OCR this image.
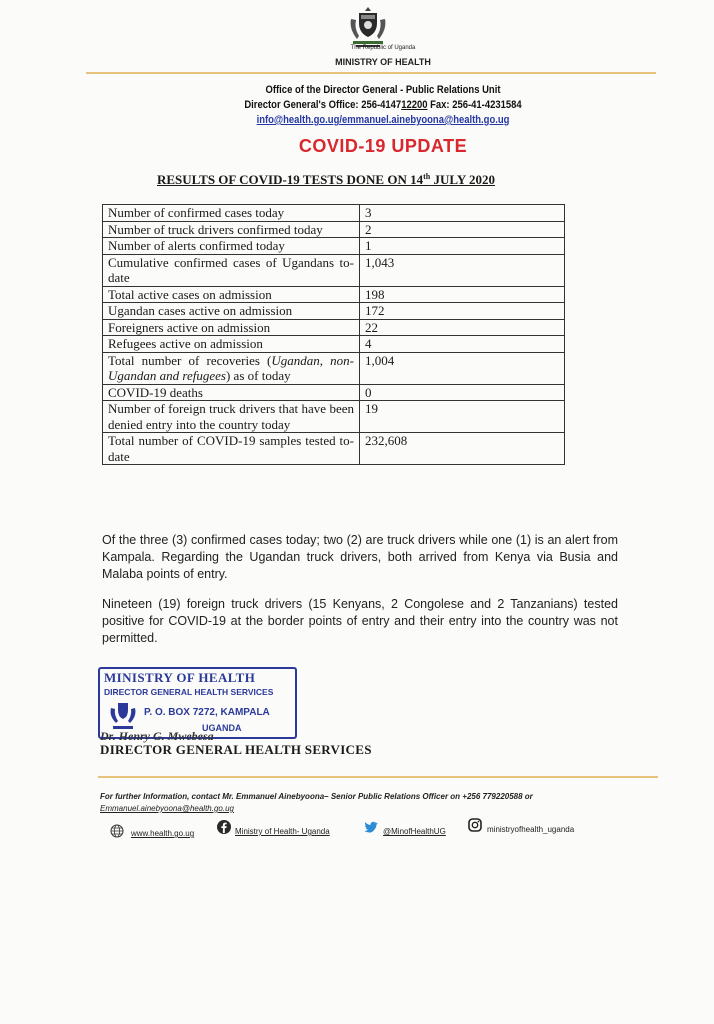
The Republic of Uganda
MINISTRY OF HEALTH
Office of the Director General - Public Relations Unit
Director General's Office: 256-414712200 Fax: 256-41-4231584
info@health.go.ug/emmanuel.ainebyoona@health.go.ug
COVID-19 UPDATE
RESULTS OF COVID-19 TESTS DONE ON 14th JULY 2020
Number of confirmed cases today	3
Number of truck drivers confirmed today	2
Number of alerts confirmed today	1
Cumulative confirmed cases of Ugandans to-date	1,043
Total active cases on admission	198
Ugandan cases active on admission	172
Foreigners active on admission	22
Refugees active on admission	4
Total number of recoveries (Ugandan, non-Ugandan and refugees) as of today	1,004
COVID-19 deaths	0
Number of foreign truck drivers that have been denied entry into the country today	19
Total number of COVID-19 samples tested to-date	232,608
Of the three (3) confirmed cases today; two (2) are truck drivers while one (1) is an alert from Kampala. Regarding the Ugandan truck drivers, both arrived from Kenya via Busia and Malaba points of entry.
Nineteen (19) foreign truck drivers (15 Kenyans, 2 Congolese and 2 Tanzanians) tested positive for COVID-19 at the border points of entry and their entry into the country was not permitted.
MINISTRY OF HEALTH
DIRECTOR GENERAL HEALTH SERVICES
P. O. BOX 7272, KAMPALA
UGANDA
Dr. Henry G. Mwebesa
DIRECTOR GENERAL HEALTH SERVICES
For further Information, contact Mr. Emmanuel Ainebyoona– Senior Public Relations Officer on +256 779220588 or
Emmanuel.ainebyoona@health.go.ug
www.health.go.ug	Ministry of Health- Uganda	@MinofHealthUG	ministryofhealth_uganda
